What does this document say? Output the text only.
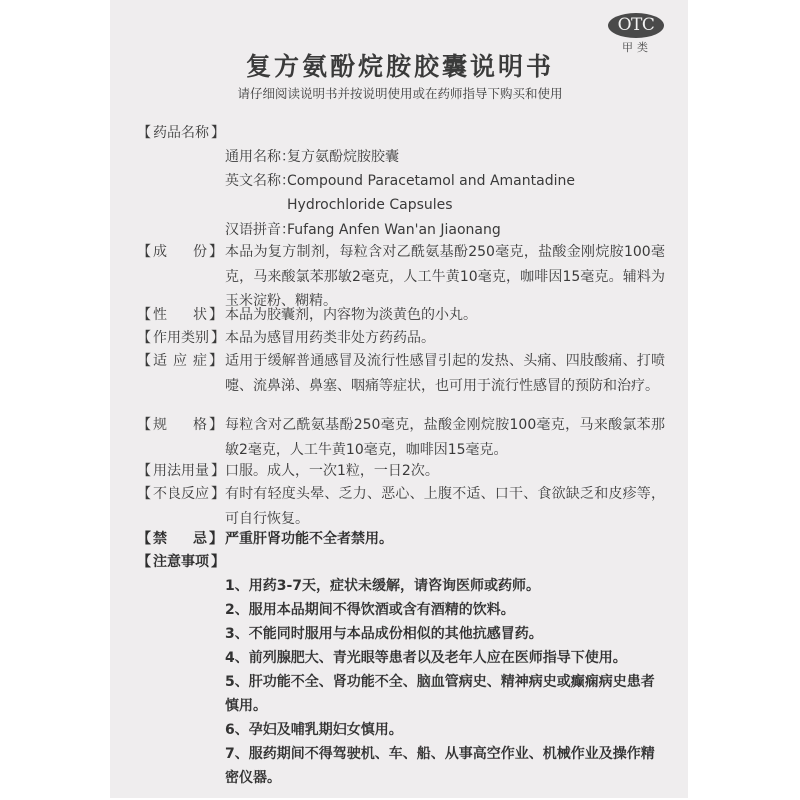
OTC
甲类
复方氨酚烷胺胶囊说明书
请仔细阅读说明书并按说明使用或在药师指导下购买和使用
【 药品名称 】
通用名称：复方氨酚烷胺胶囊
英文名称：Compound Paracetamol and Amantadine Hydrochloride Capsules
汉语拼音：Fufang Anfen Wan'an Jiaonang
【 成 份 】 本品为复方制剂，每粒含对乙酰氨基酚250毫克，盐酸金刚烷胺100毫克，马来酸氯苯那敏2毫克，人工牛黄10毫克，咖啡因15毫克。辅料为玉米淀粉、糊精。
【 性 状 】 本品为胶囊剂，内容物为淡黄色的小丸。
【 作用类别 】 本品为感冒用药类非处方药药品。
【 适 应 症 】 适用于缓解普通感冒及流行性感冒引起的发热、头痛、四肢酸痛、打喷嚏、流鼻涕、鼻塞、咽痛等症状，也可用于流行性感冒的预防和治疗。
【 规 格 】 每粒含对乙酰氨基酚250毫克，盐酸金刚烷胺100毫克，马来酸氯苯那敏2毫克，人工牛黄10毫克，咖啡因15毫克。
【 用法用量 】 口服。成人，一次1粒，一日2次。
【 不良反应 】 有时有轻度头晕、乏力、恶心、上腹不适、口干、食欲缺乏和皮疹等，可自行恢复。
【 禁 忌 】 严重肝肾功能不全者禁用。
【 注意事项 】
1、用药3-7天，症状未缓解，请咨询医师或药师。
2、服用本品期间不得饮酒或含有酒精的饮料。
3、不能同时服用与本品成份相似的其他抗感冒药。
4、前列腺肥大、青光眼等患者以及老年人应在医师指导下使用。
5、肝功能不全、肾功能不全、脑血管病史、精神病史或癫痫病史患者慎用。
6、孕妇及哺乳期妇女慎用。
7、服药期间不得驾驶机、车、船、从事高空作业、机械作业及操作精密仪器。
